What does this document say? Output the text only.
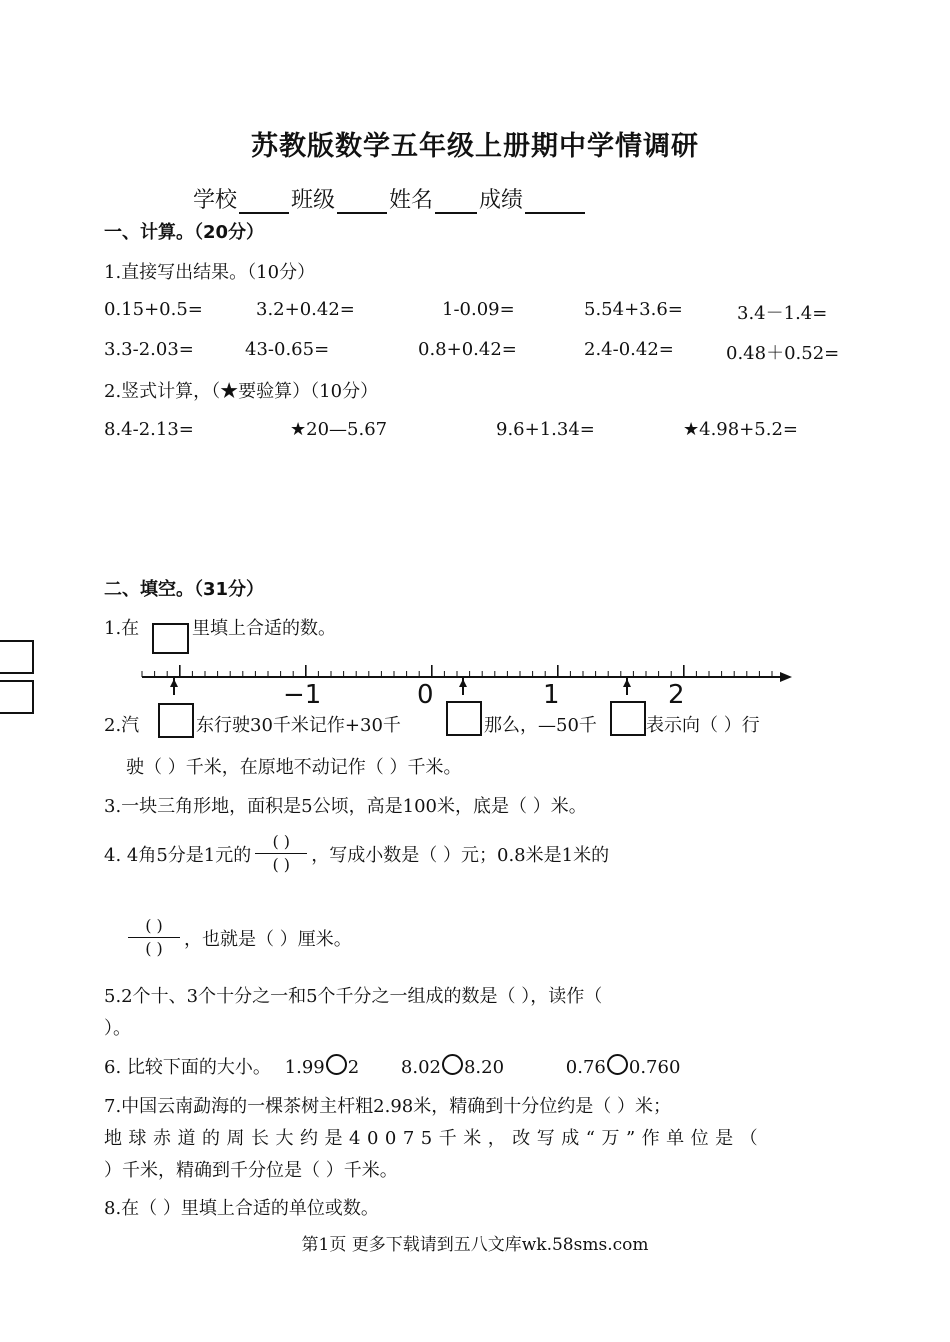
苏教版数学五年级上册期中学情调研
学校 班级 姓名 成绩
一、计算。（20分）
1.直接写出结果。（10分）
0.15+0.5=	3.2+0.42=	1-0.09=	5.54+3.6=	3.4－1.4=
3.3-2.03=	43-0.65=	0.8+0.42=	2.4-0.42=	0.48＋0.52=
2.竖式计算，（★要验算）（10分）
8.4-2.13=	★20—5.67	9.6+1.34=	★4.98+5.2=
二、填空。（31分）
1.在	里填上合适的数。
−1	0	1	2
2.汽	东行驶30千米记作+30千	那么，—50千	表示向（ ）行
驶（ ）千米，在原地不动记作（ ）千米。
3.一块三角形地，面积是5公顷，高是100米，底是（ ）米。
4. 4角5分是1元的 $\frac{( )}{( )}$ ，写成小数是（ ）元；0.8米是1米的
$\frac{( )}{( )}$ ，也就是（ ）厘米。
5.2个十、3个十分之一和5个千分之一组成的数是（ ），读作（
）。
6. 比较下面的大小。 1.99 2 8.02 8.20	0.76 0.760
7.中国云南勐海的一棵茶树主杆粗2.98米，精确到十分位约是（ ）米；
地球赤道的周长大约是40075千米，改写成“万”作单位是（
）千米，精确到千分位是（ ）千米。
8.在（ ）里填上合适的单位或数。
第1页 更多下载请到五八文库wk.58sms.com
